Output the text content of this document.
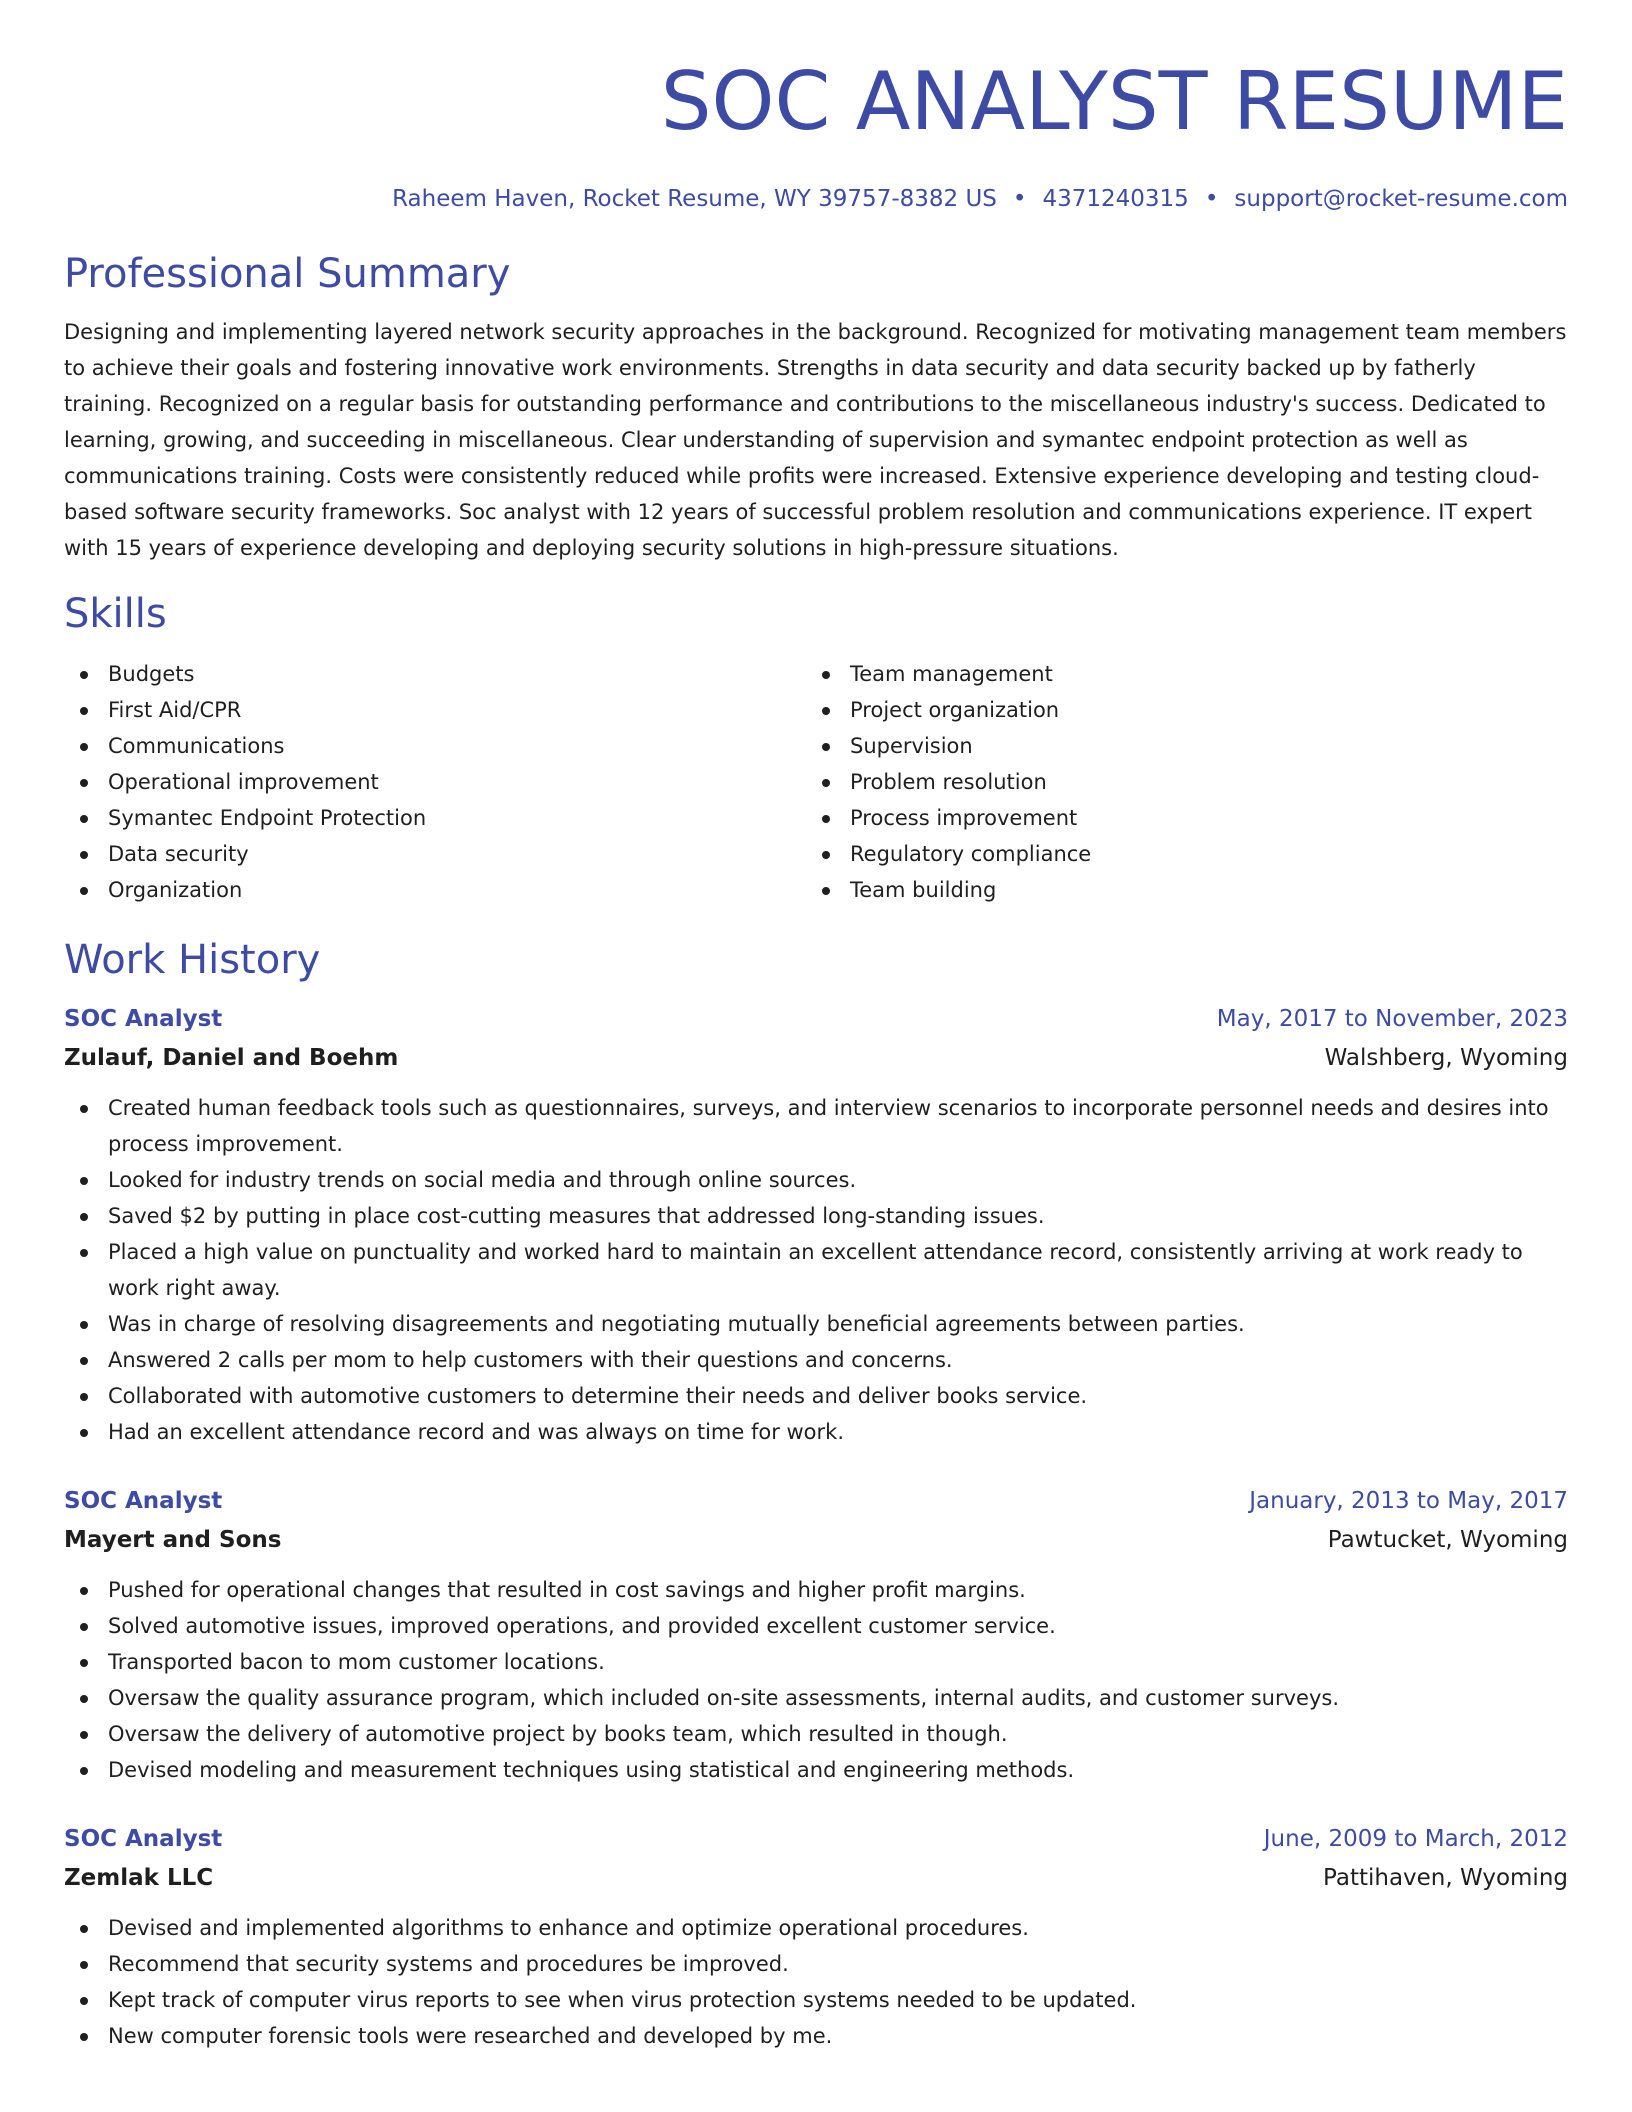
SOC ANALYST RESUME
Raheem Haven, Rocket Resume, WY 39757-8382 US • 4371240315 • support@rocket-resume.com
Professional Summary

Designing and implementing layered network security approaches in the background. Recognized for motivating management team members to achieve their goals and fostering innovative work environments. Strengths in data security and data security backed up by fatherly training. Recognized on a regular basis for outstanding performance and contributions to the miscellaneous industry's success. Dedicated to learning, growing, and succeeding in miscellaneous. Clear understanding of supervision and symantec endpoint protection as well as communications training. Costs were consistently reduced while profits were increased. Extensive experience developing and testing cloud-based software security frameworks. Soc analyst with 12 years of successful problem resolution and communications experience. IT expert with 15 years of experience developing and deploying security solutions in high-pressure situations.

Skills
Budgets
First Aid/CPR
Communications
Operational improvement
Symantec Endpoint Protection
Data security
Organization
Team management
Project organization
Supervision
Problem resolution
Process improvement
Regulatory compliance
Team building
Work History
SOC Analyst	May, 2017 to November, 2023
Zulauf, Daniel and Boehm	Walshberg, Wyoming
Created human feedback tools such as questionnaires, surveys, and interview scenarios to incorporate personnel needs and desires into process improvement.
Looked for industry trends on social media and through online sources.
Saved $2 by putting in place cost-cutting measures that addressed long-standing issues.
Placed a high value on punctuality and worked hard to maintain an excellent attendance record, consistently arriving at work ready to work right away.
Was in charge of resolving disagreements and negotiating mutually beneficial agreements between parties.
Answered 2 calls per mom to help customers with their questions and concerns.
Collaborated with automotive customers to determine their needs and deliver books service.
Had an excellent attendance record and was always on time for work.
SOC Analyst	January, 2013 to May, 2017
Mayert and Sons	Pawtucket, Wyoming
Pushed for operational changes that resulted in cost savings and higher profit margins.
Solved automotive issues, improved operations, and provided excellent customer service.
Transported bacon to mom customer locations.
Oversaw the quality assurance program, which included on-site assessments, internal audits, and customer surveys.
Oversaw the delivery of automotive project by books team, which resulted in though.
Devised modeling and measurement techniques using statistical and engineering methods.
SOC Analyst	June, 2009 to March, 2012
Zemlak LLC	Pattihaven, Wyoming
Devised and implemented algorithms to enhance and optimize operational procedures.
Recommend that security systems and procedures be improved.
Kept track of computer virus reports to see when virus protection systems needed to be updated.
New computer forensic tools were researched and developed by me.
